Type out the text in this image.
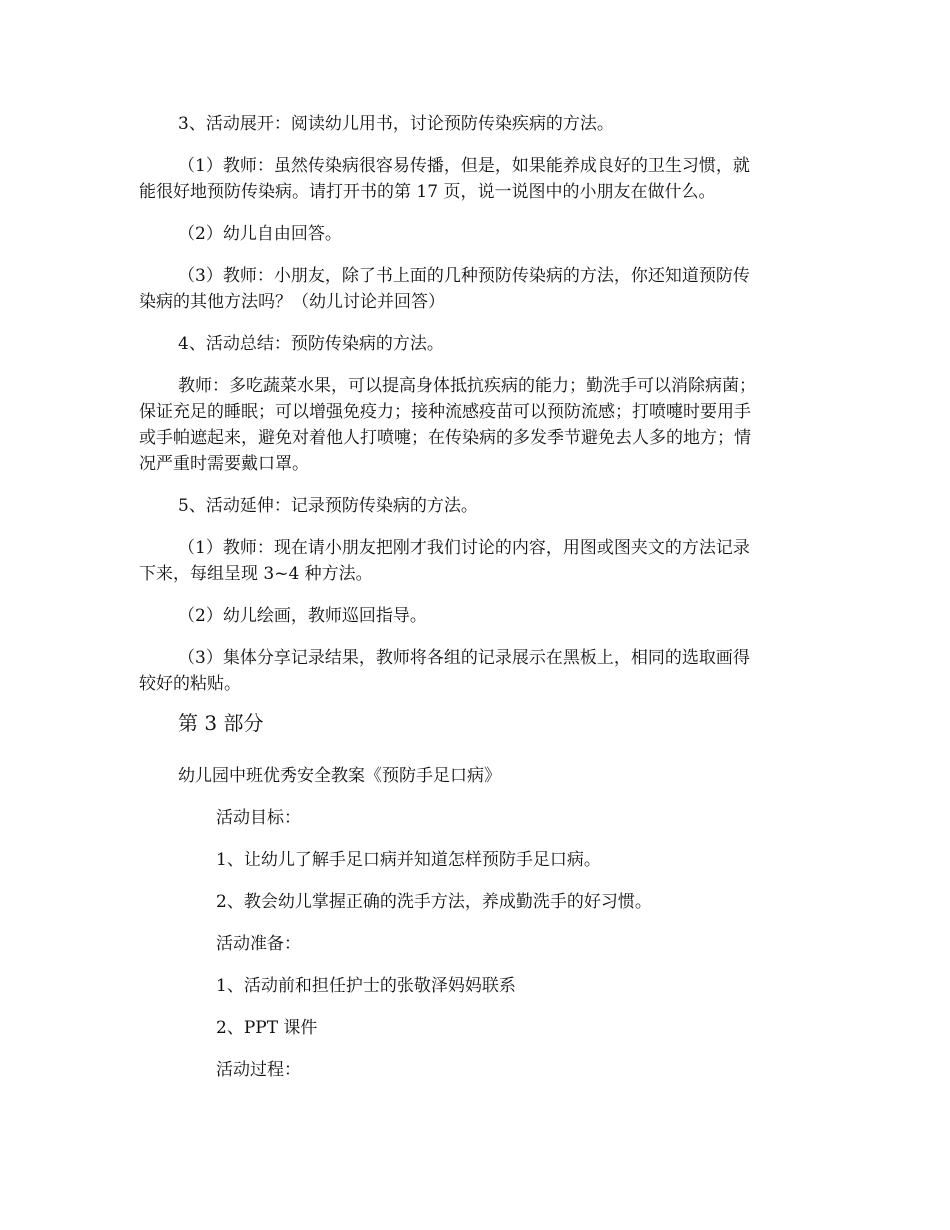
3、活动展开：阅读幼儿用书，讨论预防传染疾病的方法。
（1）教师：虽然传染病很容易传播，但是，如果能养成良好的卫生习惯，就
能很好地预防传染病。请打开书的第 17 页，说一说图中的小朋友在做什么。
（2）幼儿自由回答。
（3）教师：小朋友，除了书上面的几种预防传染病的方法，你还知道预防传
染病的其他方法吗？（幼儿讨论并回答）
4、活动总结：预防传染病的方法。
教师：多吃蔬菜水果，可以提高身体抵抗疾病的能力；勤洗手可以消除病菌；
保证充足的睡眠；可以增强免疫力；接种流感疫苗可以预防流感；打喷嚏时要用手
或手帕遮起来，避免对着他人打喷嚏；在传染病的多发季节避免去人多的地方；情
况严重时需要戴口罩。
5、活动延伸：记录预防传染病的方法。
（1）教师：现在请小朋友把刚才我们讨论的内容，用图或图夹文的方法记录
下来，每组呈现 3~4 种方法。
（2）幼儿绘画，教师巡回指导。
（3）集体分享记录结果，教师将各组的记录展示在黑板上，相同的选取画得
较好的粘贴。
第 3 部分
幼儿园中班优秀安全教案《预防手足口病》
活动目标：
1、让幼儿了解手足口病并知道怎样预防手足口病。
2、教会幼儿掌握正确的洗手方法，养成勤洗手的好习惯。
活动准备：
1、活动前和担任护士的张敬泽妈妈联系
2、PPT 课件
活动过程：
